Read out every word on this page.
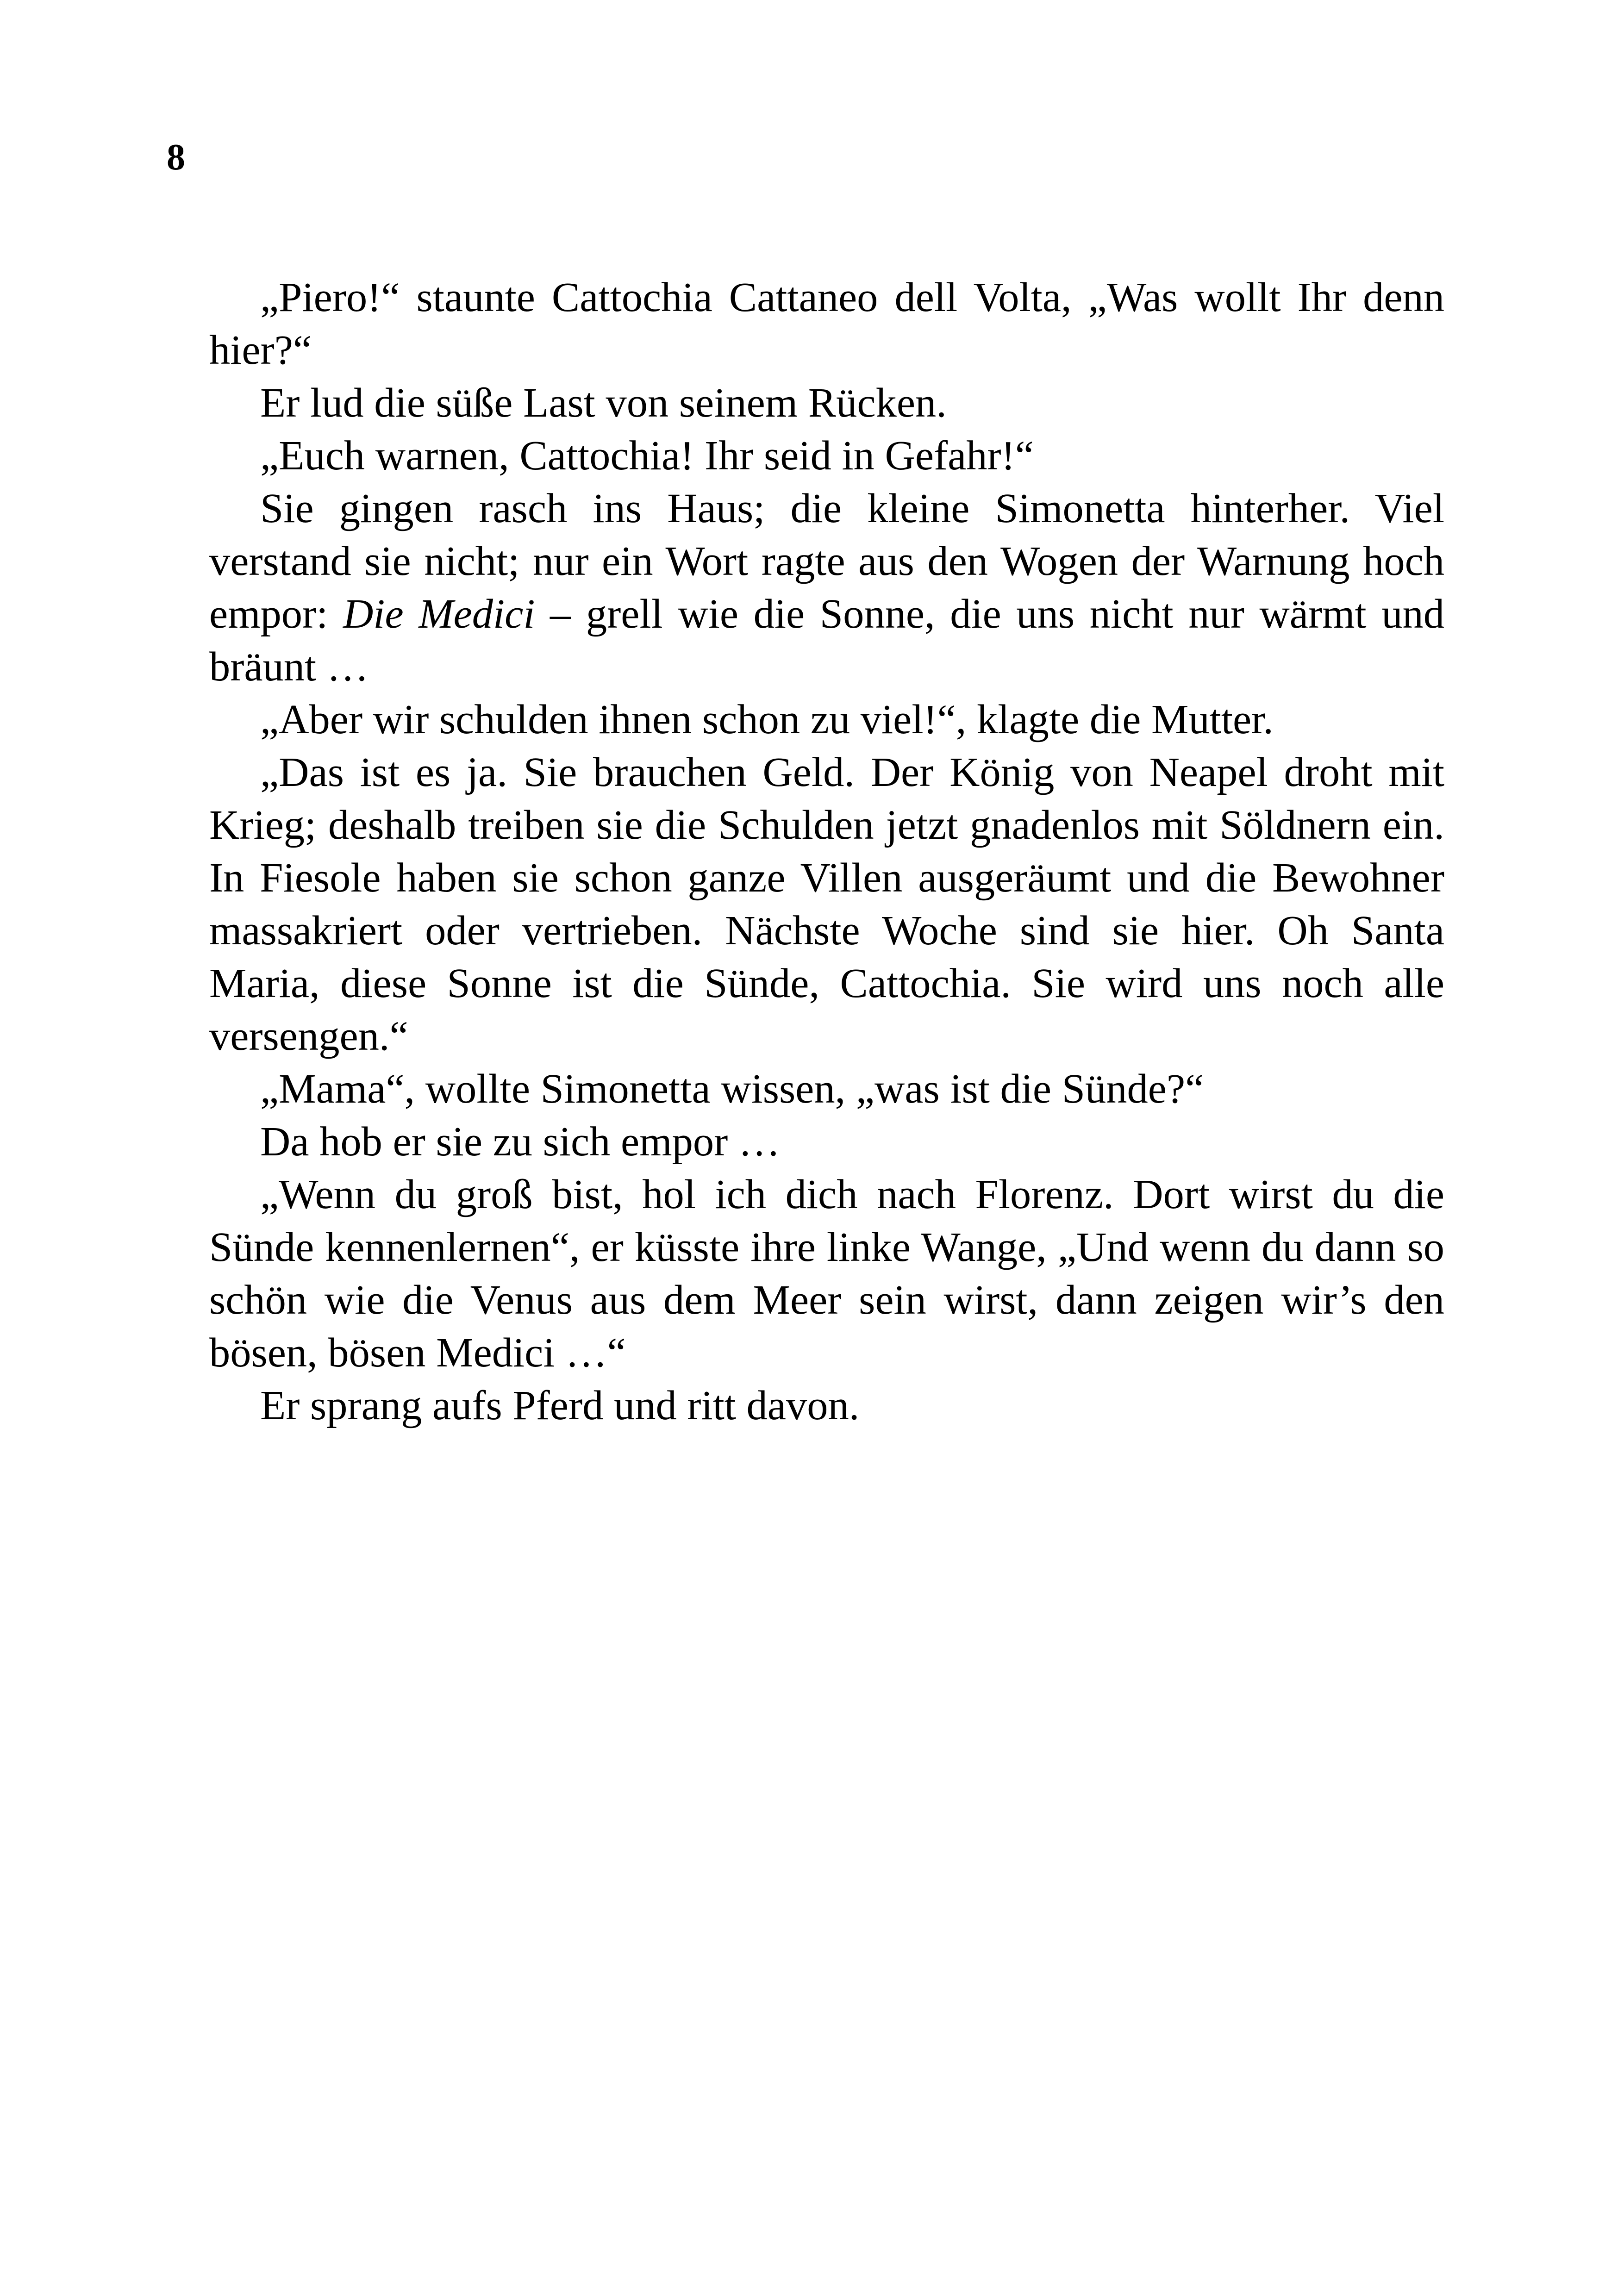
8

„Piero!“ staunte Cattochia Cattaneo dell Volta, „Was wollt Ihr denn hier?“

Er lud die süße Last von seinem Rücken.

„Euch warnen, Cattochia! Ihr seid in Gefahr!“

Sie gingen rasch ins Haus; die kleine Simonetta hinterher. Viel verstand sie nicht; nur ein Wort ragte aus den Wogen der Warnung hoch empor: Die Medici – grell wie die Sonne, die uns nicht nur wärmt und bräunt …

„Aber wir schulden ihnen schon zu viel!“, klagte die Mutter.

„Das ist es ja. Sie brauchen Geld. Der König von Neapel droht mit Krieg; deshalb treiben sie die Schulden jetzt gnadenlos mit Söldnern ein. In Fiesole haben sie schon ganze Villen ausgeräumt und die Bewohner massakriert oder vertrieben. Nächste Woche sind sie hier. Oh Santa Maria, diese Sonne ist die Sünde, Cattochia. Sie wird uns noch alle versengen.“

„Mama“, wollte Simonetta wissen, „was ist die Sünde?“

Da hob er sie zu sich empor …

„Wenn du groß bist, hol ich dich nach Florenz. Dort wirst du die Sünde kennenlernen“, er küsste ihre linke Wange, „Und wenn du dann so schön wie die Venus aus dem Meer sein wirst, dann zeigen wir’s den bösen, bösen Medici …“

Er sprang aufs Pferd und ritt davon.
